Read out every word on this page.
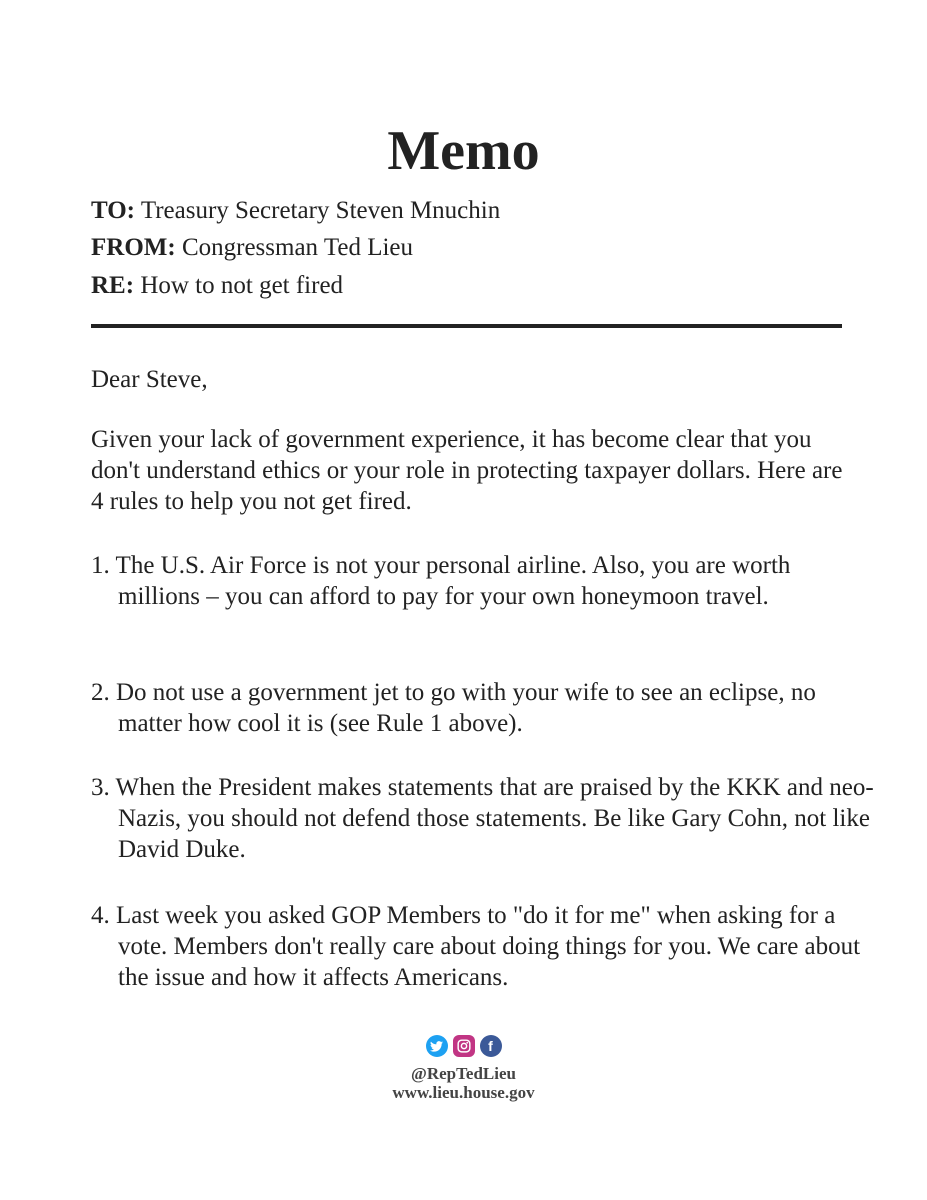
Memo
TO: Treasury Secretary Steven Mnuchin
FROM: Congressman Ted Lieu
RE: How to not get fired
Dear Steve,
Given your lack of government experience, it has become clear that you don't understand ethics or your role in protecting taxpayer dollars. Here are 4 rules to help you not get fired.
1. The U.S. Air Force is not your personal airline. Also, you are worth millions – you can afford to pay for your own honeymoon travel.
2. Do not use a government jet to go with your wife to see an eclipse, no matter how cool it is (see Rule 1 above).
3. When the President makes statements that are praised by the KKK and neo-Nazis, you should not defend those statements. Be like Gary Cohn, not like David Duke.
4. Last week you asked GOP Members to "do it for me" when asking for a vote. Members don't really care about doing things for you. We care about the issue and how it affects Americans.
f
@RepTedLieu
www.lieu.house.gov
